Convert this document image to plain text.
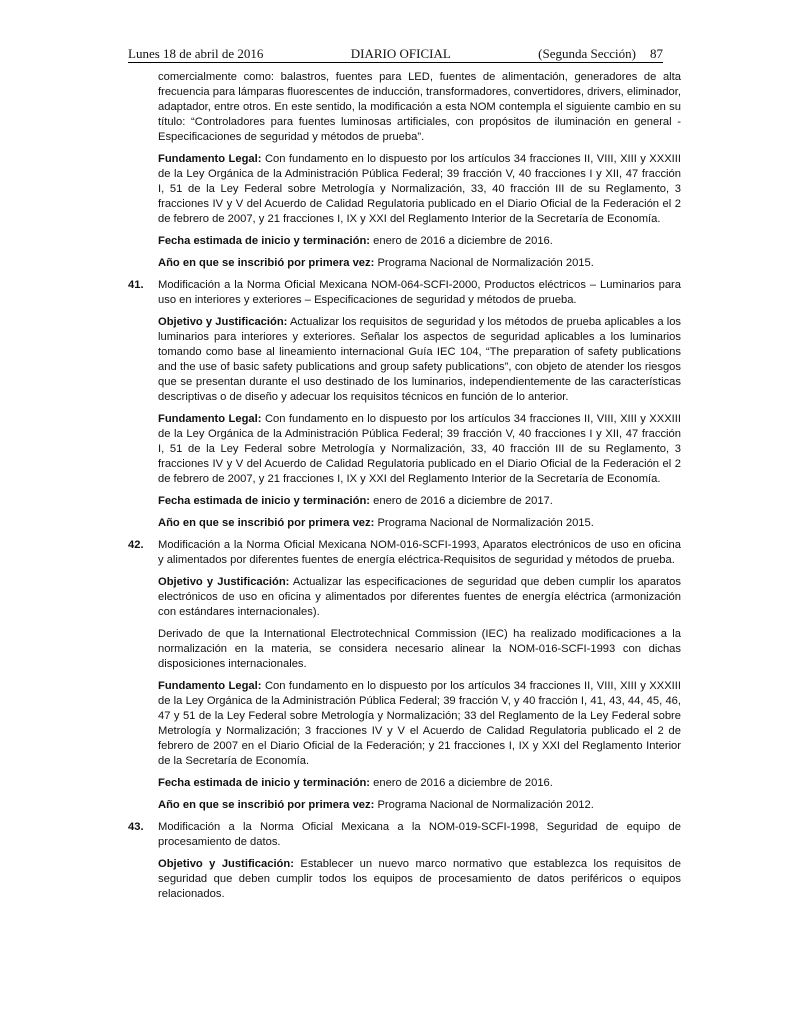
Lunes 18 de abril de 2016	DIARIO OFICIAL	(Segunda Sección) 87

comercialmente como: balastros, fuentes para LED, fuentes de alimentación, generadores de alta frecuencia para lámparas fluorescentes de inducción, transformadores, convertidores, drivers, eliminador, adaptador, entre otros. En este sentido, la modificación a esta NOM contempla el siguiente cambio en su título: “Controladores para fuentes luminosas artificiales, con propósitos de iluminación en general - Especificaciones de seguridad y métodos de prueba”.

Fundamento Legal: Con fundamento en lo dispuesto por los artículos 34 fracciones II, VIII, XIII y XXXIII de la Ley Orgánica de la Administración Pública Federal; 39 fracción V, 40 fracciones I y XII, 47 fracción I, 51 de la Ley Federal sobre Metrología y Normalización, 33, 40 fracción III de su Reglamento, 3 fracciones IV y V del Acuerdo de Calidad Regulatoria publicado en el Diario Oficial de la Federación el 2 de febrero de 2007, y 21 fracciones I, IX y XXI del Reglamento Interior de la Secretaría de Economía.

Fecha estimada de inicio y terminación: enero de 2016 a diciembre de 2016.

Año en que se inscribió por primera vez: Programa Nacional de Normalización 2015.

41.	Modificación a la Norma Oficial Mexicana NOM-064-SCFI-2000, Productos eléctricos – Luminarios para uso en interiores y exteriores – Especificaciones de seguridad y métodos de prueba.

Objetivo y Justificación: Actualizar los requisitos de seguridad y los métodos de prueba aplicables a los luminarios para interiores y exteriores. Señalar los aspectos de seguridad aplicables a los luminarios tomando como base al lineamiento internacional Guía IEC 104, “The preparation of safety publications and the use of basic safety publications and group safety publications”, con objeto de atender los riesgos que se presentan durante el uso destinado de los luminarios, independientemente de las características descriptivas o de diseño y adecuar los requisitos técnicos en función de lo anterior.

Fundamento Legal: Con fundamento en lo dispuesto por los artículos 34 fracciones II, VIII, XIII y XXXIII de la Ley Orgánica de la Administración Pública Federal; 39 fracción V, 40 fracciones I y XII, 47 fracción I, 51 de la Ley Federal sobre Metrología y Normalización, 33, 40 fracción III de su Reglamento, 3 fracciones IV y V del Acuerdo de Calidad Regulatoria publicado en el Diario Oficial de la Federación el 2 de febrero de 2007, y 21 fracciones I, IX y XXI del Reglamento Interior de la Secretaría de Economía.

Fecha estimada de inicio y terminación: enero de 2016 a diciembre de 2017.

Año en que se inscribió por primera vez: Programa Nacional de Normalización 2015.

42.	Modificación a la Norma Oficial Mexicana NOM-016-SCFI-1993, Aparatos electrónicos de uso en oficina y alimentados por diferentes fuentes de energía eléctrica-Requisitos de seguridad y métodos de prueba.

Objetivo y Justificación: Actualizar las especificaciones de seguridad que deben cumplir los aparatos electrónicos de uso en oficina y alimentados por diferentes fuentes de energía eléctrica (armonización con estándares internacionales).

Derivado de que la International Electrotechnical Commission (IEC) ha realizado modificaciones a la normalización en la materia, se considera necesario alinear la NOM-016-SCFI-1993 con dichas disposiciones internacionales.

Fundamento Legal: Con fundamento en lo dispuesto por los artículos 34 fracciones II, VIII, XIII y XXXIII de la Ley Orgánica de la Administración Pública Federal; 39 fracción V, y 40 fracción I, 41, 43, 44, 45, 46, 47 y 51 de la Ley Federal sobre Metrología y Normalización; 33 del Reglamento de la Ley Federal sobre Metrología y Normalización; 3 fracciones IV y V el Acuerdo de Calidad Regulatoria publicado el 2 de febrero de 2007 en el Diario Oficial de la Federación; y 21 fracciones I, IX y XXI del Reglamento Interior de la Secretaría de Economía.

Fecha estimada de inicio y terminación: enero de 2016 a diciembre de 2016.

Año en que se inscribió por primera vez: Programa Nacional de Normalización 2012.

43.	Modificación a la Norma Oficial Mexicana a la NOM-019-SCFI-1998, Seguridad de equipo de procesamiento de datos.

Objetivo y Justificación: Establecer un nuevo marco normativo que establezca los requisitos de seguridad que deben cumplir todos los equipos de procesamiento de datos periféricos o equipos relacionados.
